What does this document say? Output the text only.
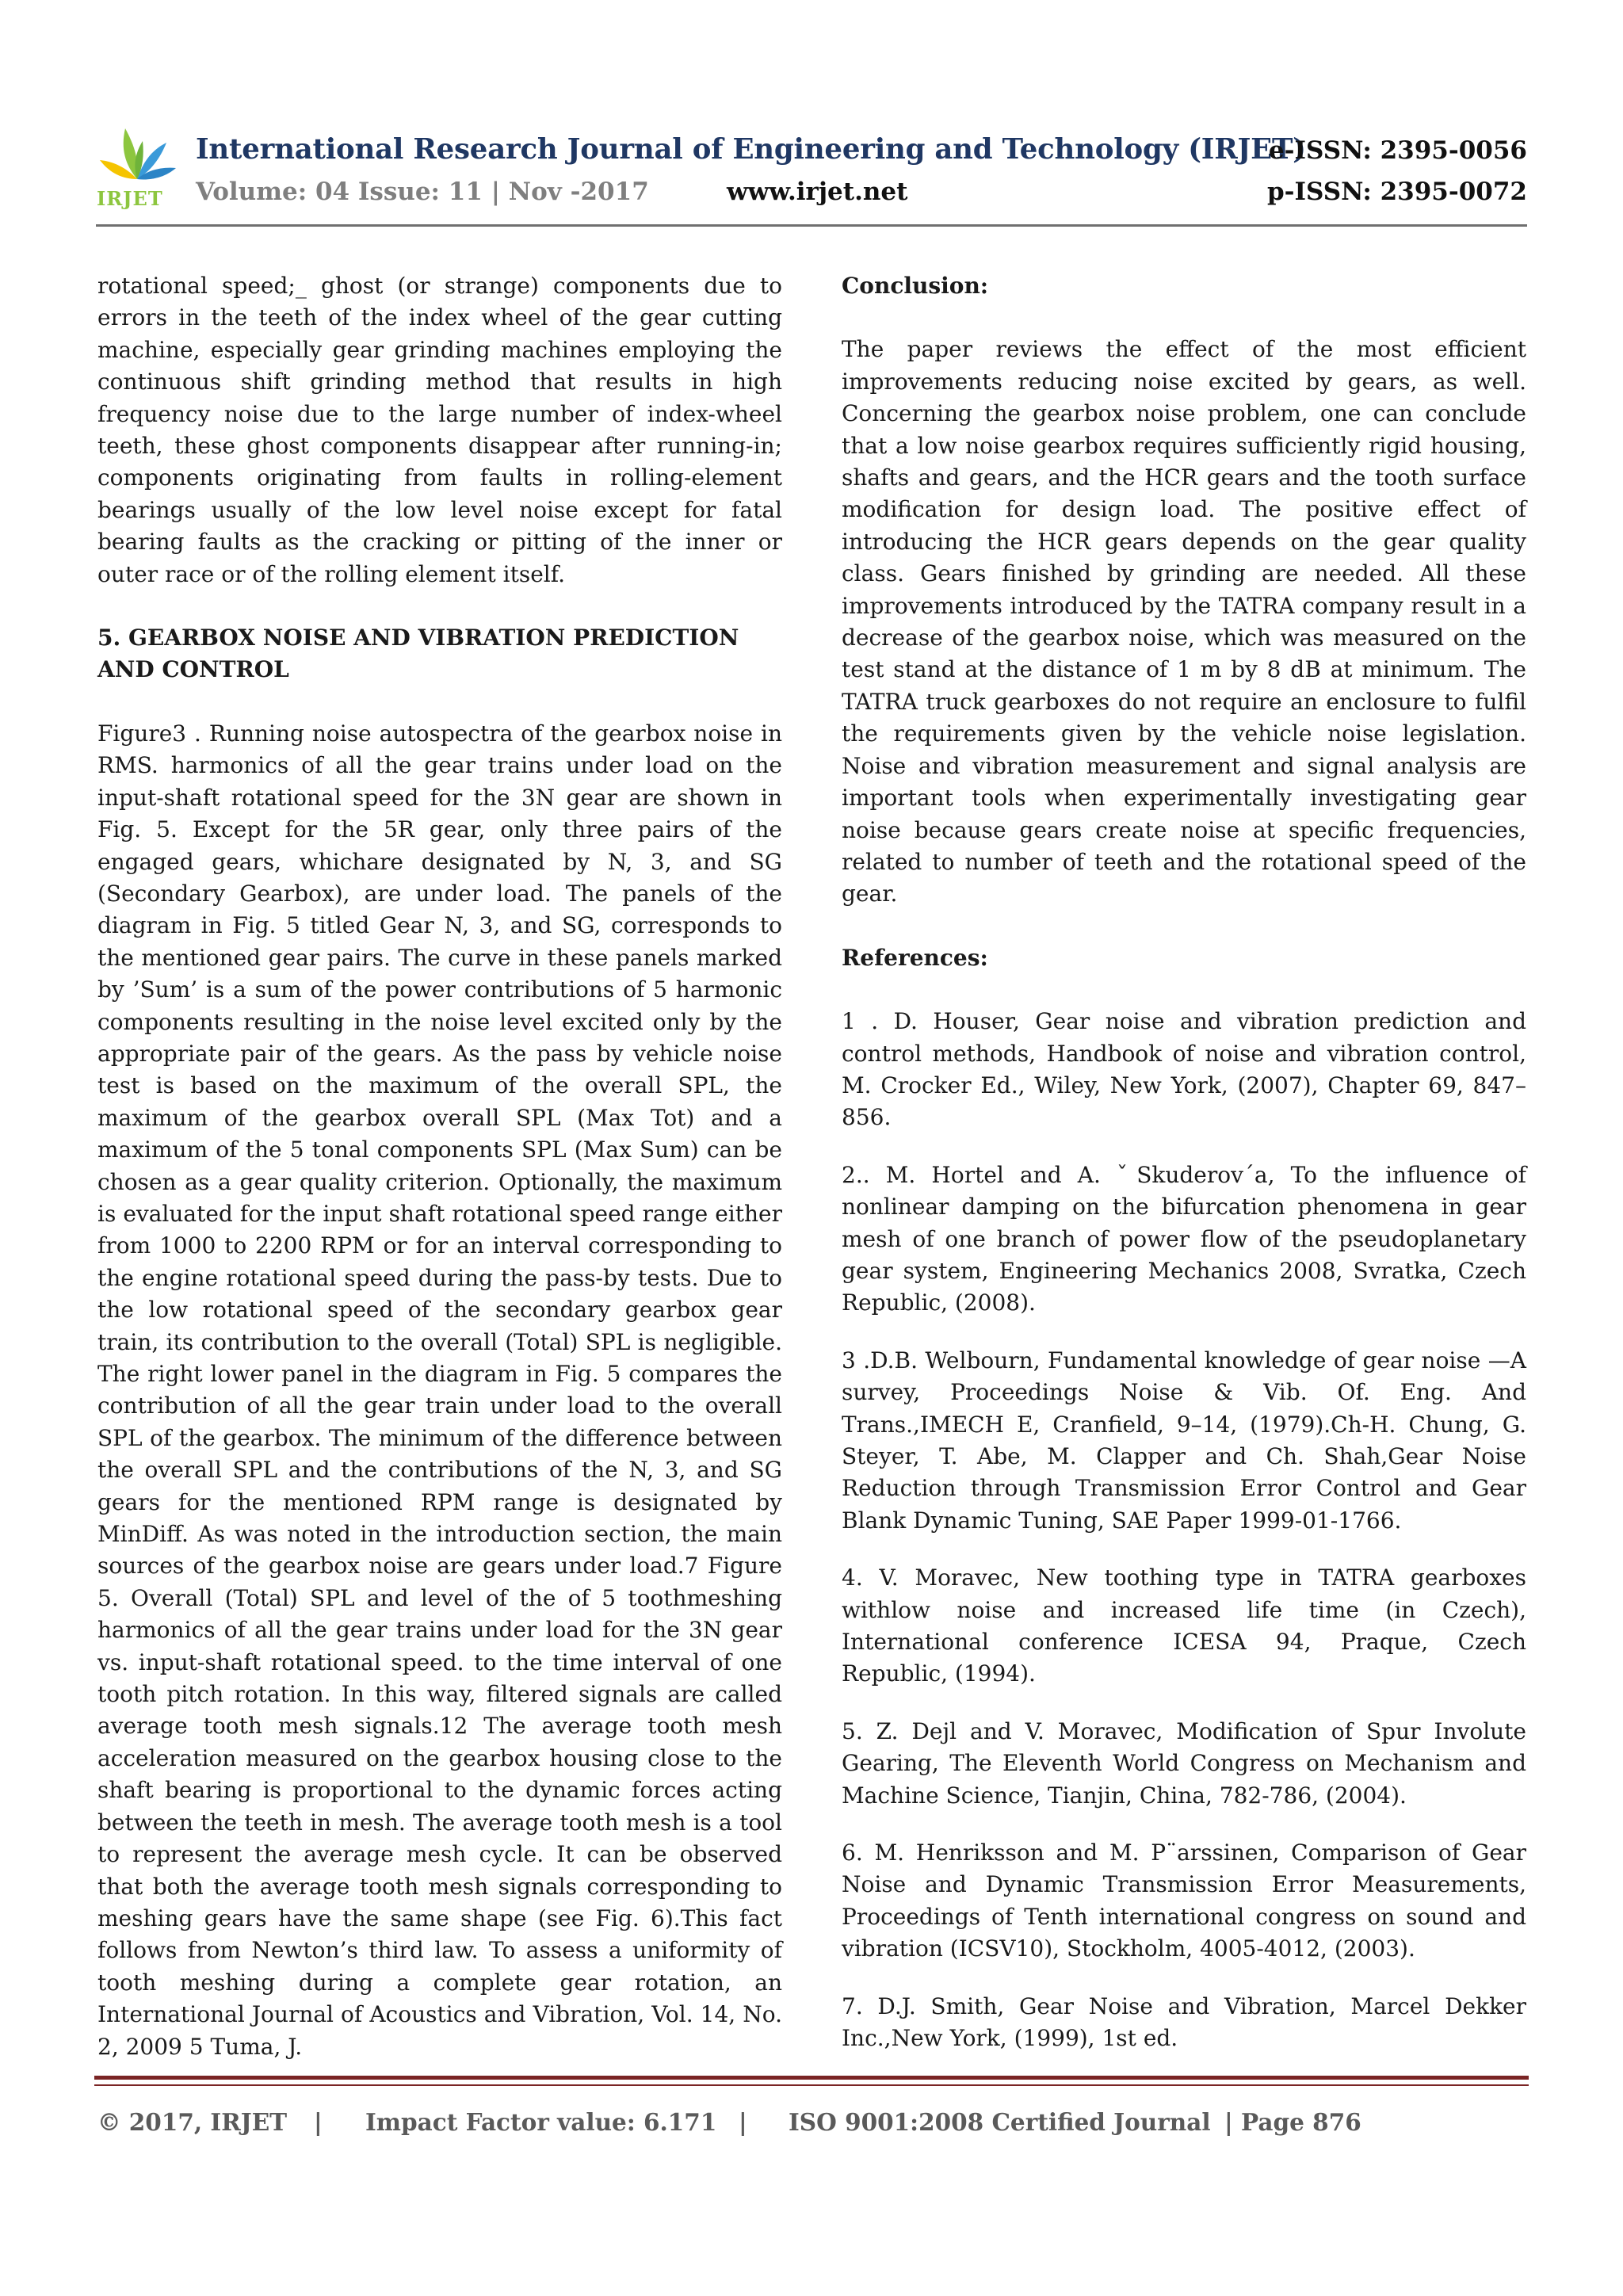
IRJET
International Research Journal of Engineering and Technology (IRJET)
e-ISSN: 2395-0056
Volume: 04 Issue: 11 | Nov -2017	www.irjet.net	p-ISSN: 2395-0072

rotational speed;_ ghost (or strange) components due to errors in the teeth of the index wheel of the gear cutting machine, especially gear grinding machines employing the continuous shift grinding method that results in high frequency noise due to the large number of index-wheel teeth, these ghost components disappear after running-in; components originating from faults in rolling-element bearings usually of the low level noise except for fatal bearing faults as the cracking or pitting of the inner or outer race or of the rolling element itself.

5. GEARBOX NOISE AND VIBRATION PREDICTION AND CONTROL

Figure3 . Running noise autospectra of the gearbox noise in RMS. harmonics of all the gear trains under load on the input-shaft rotational speed for the 3N gear are shown in Fig. 5. Except for the 5R gear, only three pairs of the engaged gears, whichare designated by N, 3, and SG (Secondary Gearbox), are under load. The panels of the diagram in Fig. 5 titled Gear N, 3, and SG, corresponds to the mentioned gear pairs. The curve in these panels marked by ’Sum’ is a sum of the power contributions of 5 harmonic components resulting in the noise level excited only by the appropriate pair of the gears. As the pass by vehicle noise test is based on the maximum of the overall SPL, the maximum of the gearbox overall SPL (Max Tot) and a maximum of the 5 tonal components SPL (Max Sum) can be chosen as a gear quality criterion. Optionally, the maximum is evaluated for the input shaft rotational speed range either from 1000 to 2200 RPM or for an interval corresponding to the engine rotational speed during the pass-by tests. Due to the low rotational speed of the secondary gearbox gear train, its contribution to the overall (Total) SPL is negligible. The right lower panel in the diagram in Fig. 5 compares the contribution of all the gear train under load to the overall SPL of the gearbox. The minimum of the difference between the overall SPL and the contributions of the N, 3, and SG gears for the mentioned RPM range is designated by MinDiff. As was noted in the introduction section, the main sources of the gearbox noise are gears under load.7 Figure 5. Overall (Total) SPL and level of the of 5 toothmeshing harmonics of all the gear trains under load for the 3N gear vs. input-shaft rotational speed. to the time interval of one tooth pitch rotation. In this way, filtered signals are called average tooth mesh signals.12 The average tooth mesh acceleration measured on the gearbox housing close to the shaft bearing is proportional to the dynamic forces acting between the teeth in mesh. The average tooth mesh is a tool to represent the average mesh cycle. It can be observed that both the average tooth mesh signals corresponding to meshing gears have the same shape (see Fig. 6).This fact follows from Newton’s third law. To assess a uniformity of tooth meshing during a complete gear rotation, an International Journal of Acoustics and Vibration, Vol. 14, No. 2, 2009 5 Tuma, J.

Conclusion:

The paper reviews the effect of the most efficient improvements reducing noise excited by gears, as well. Concerning the gearbox noise problem, one can conclude that a low noise gearbox requires sufficiently rigid housing, shafts and gears, and the HCR gears and the tooth surface modification for design load. The positive effect of introducing the HCR gears depends on the gear quality class. Gears finished by grinding are needed. All these improvements introduced by the TATRA company result in a decrease of the gearbox noise, which was measured on the test stand at the distance of 1 m by 8 dB at minimum. The TATRA truck gearboxes do not require an enclosure to fulfil the requirements given by the vehicle noise legislation. Noise and vibration measurement and signal analysis are important tools when experimentally investigating gear noise because gears create noise at specific frequencies, related to number of teeth and the rotational speed of the gear.

References:

1 . D. Houser, Gear noise and vibration prediction and control methods, Handbook of noise and vibration control, M. Crocker Ed., Wiley, New York, (2007), Chapter 69, 847–856.

2.. M. Hortel and A. ˇSkuderov´a, To the influence of nonlinear damping on the bifurcation phenomena in gear mesh of one branch of power flow of the pseudoplanetary gear system, Engineering Mechanics 2008, Svratka, Czech Republic, (2008).

3 .D.B. Welbourn, Fundamental knowledge of gear noise —A survey, Proceedings Noise & Vib. Of. Eng. And Trans.,IMECH E, Cranfield, 9–14, (1979).Ch-H. Chung, G. Steyer, T. Abe, M. Clapper and Ch. Shah,Gear Noise Reduction through Transmission Error Control and Gear Blank Dynamic Tuning, SAE Paper 1999-01-1766.

4. V. Moravec, New toothing type in TATRA gearboxes withlow noise and increased life time (in Czech), International conference ICESA 94, Praque, Czech Republic, (1994).

5. Z. Dejl and V. Moravec, Modification of Spur Involute Gearing, The Eleventh World Congress on Mechanism and Machine Science, Tianjin, China, 782-786, (2004).

6. M. Henriksson and M. P¨arssinen, Comparison of Gear Noise and Dynamic Transmission Error Measurements, Proceedings of Tenth international congress on sound and vibration (ICSV10), Stockholm, 4005-4012, (2003).

7. D.J. Smith, Gear Noise and Vibration, Marcel Dekker Inc.,New York, (1999), 1st ed.

© 2017, IRJET | Impact Factor value: 6.171 | ISO 9001:2008 Certified Journal | Page 876
